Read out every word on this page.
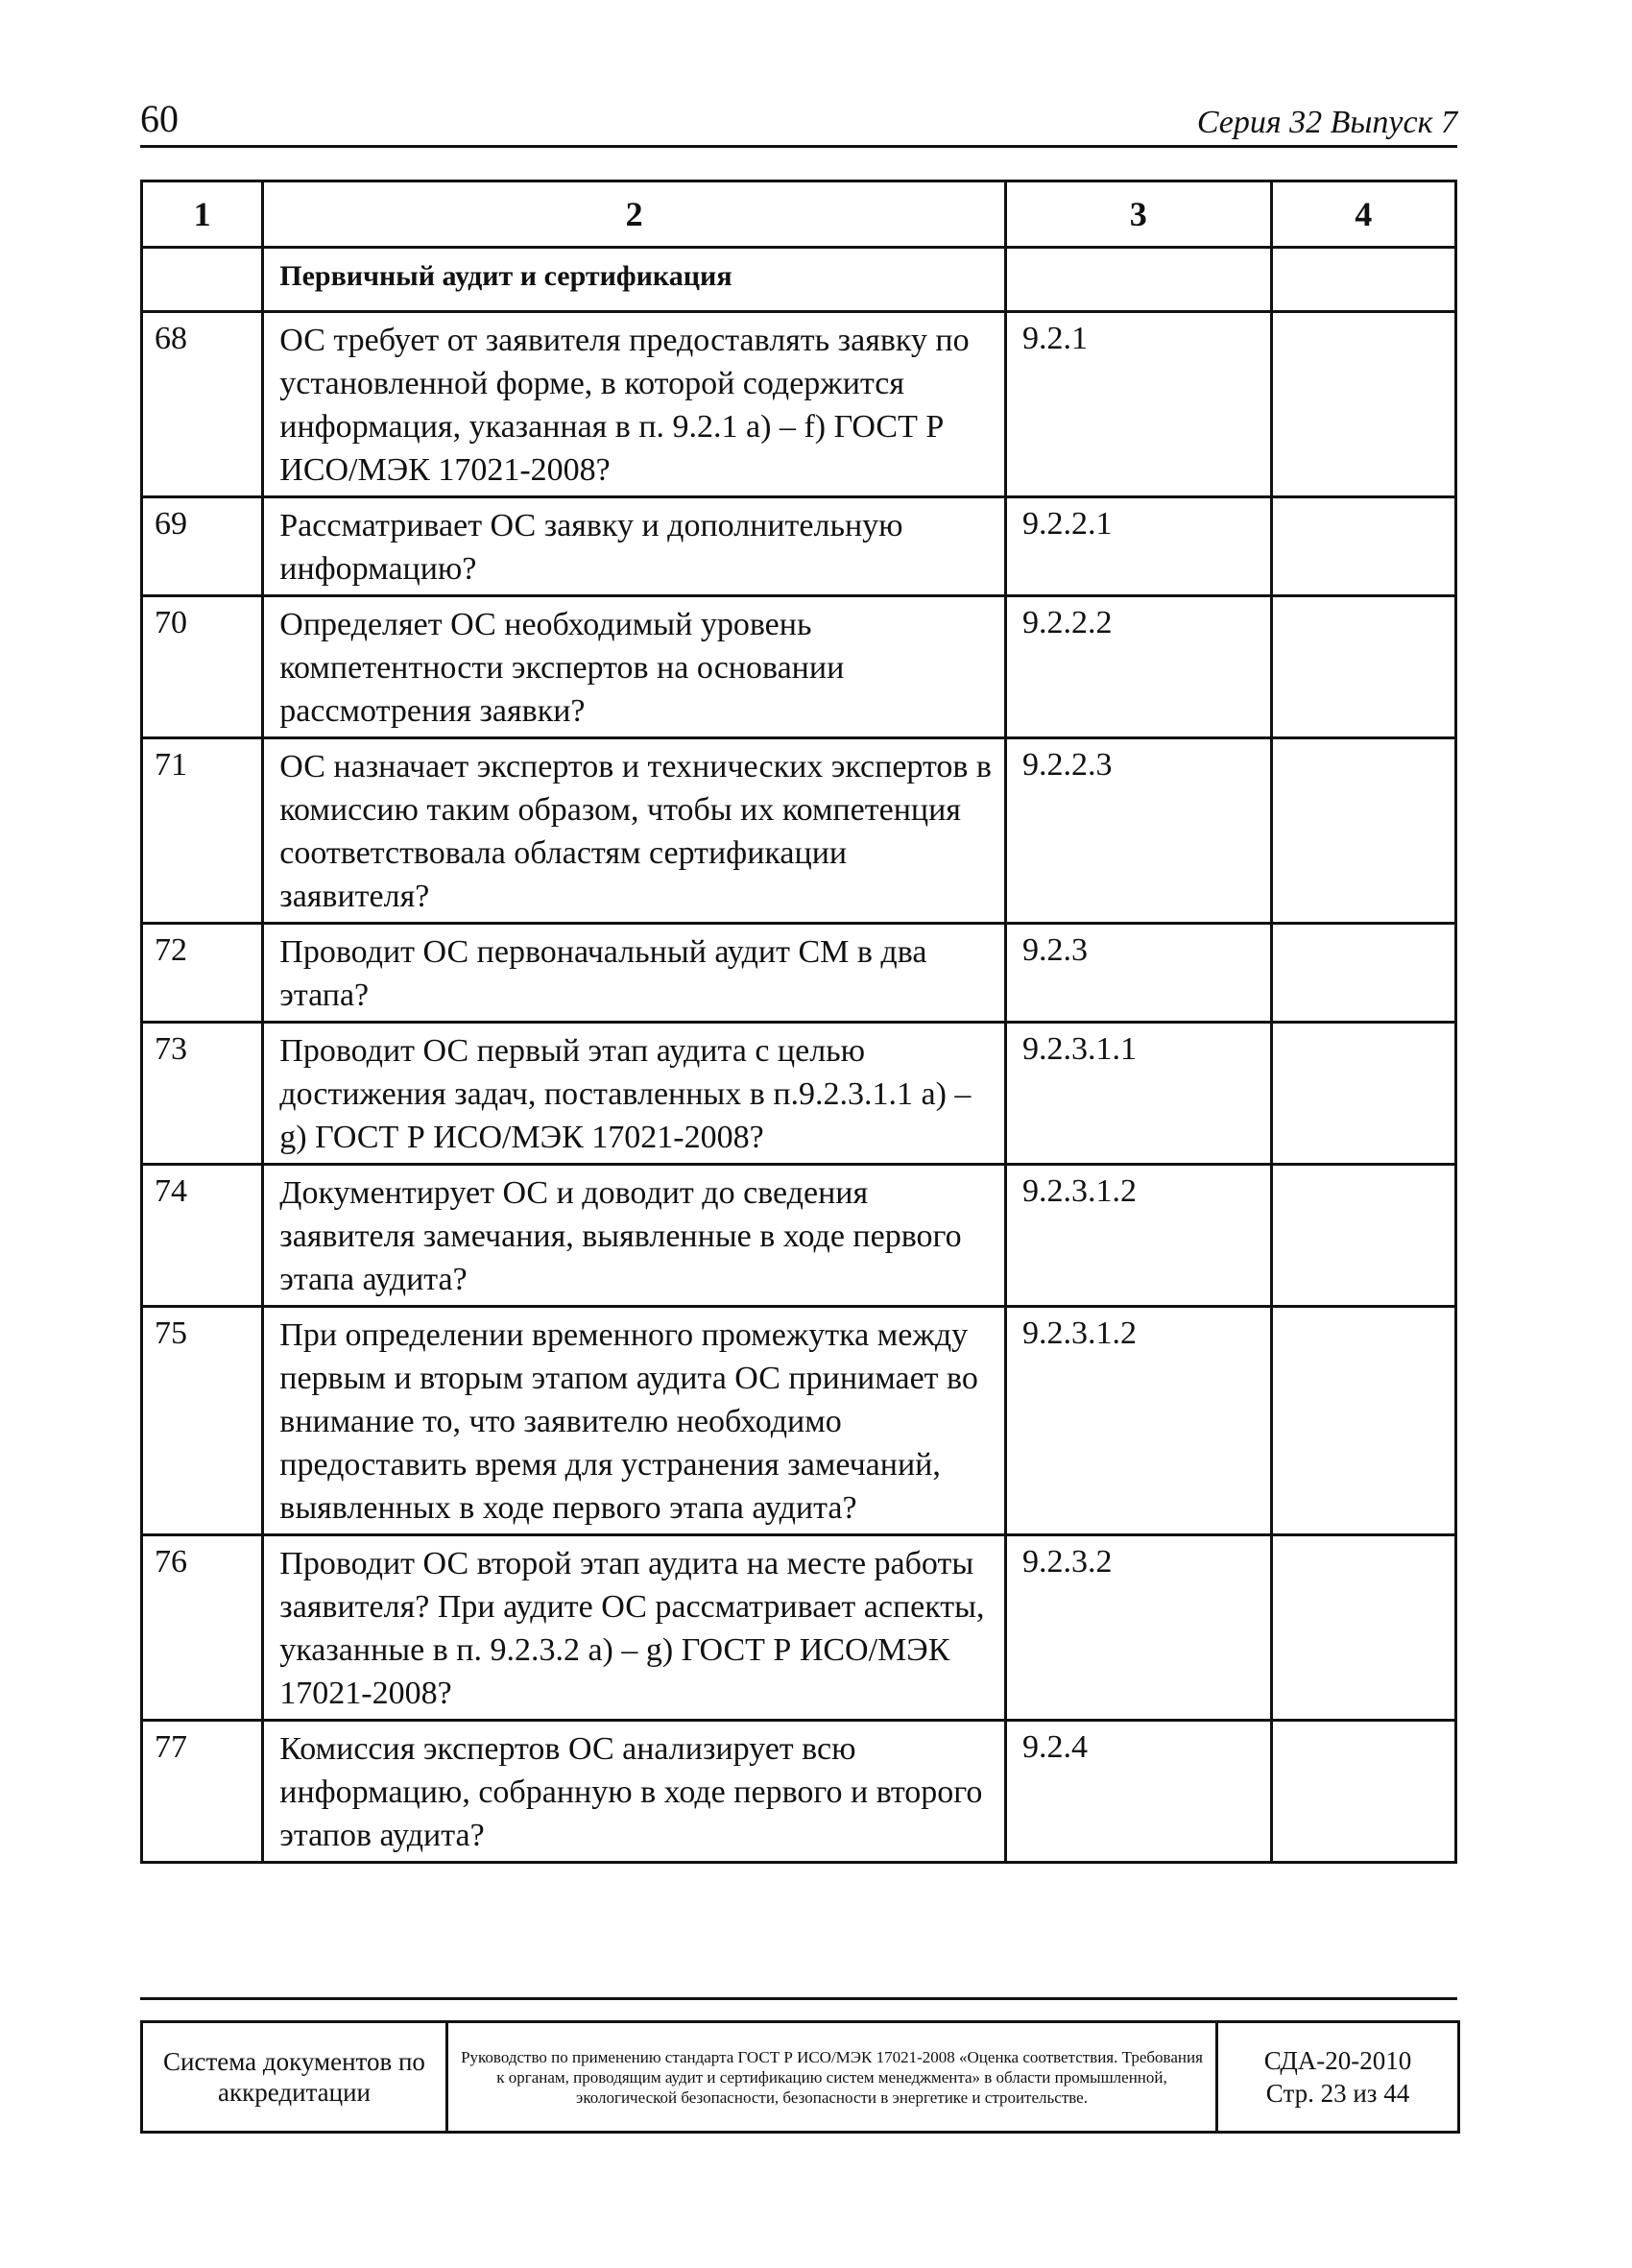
60	Серия 32 Выпуск 7
1	2	3	4
	Первичный аудит и сертификация		
68	ОС требует от заявителя предоставлять заявку по установленной форме, в которой содержится информация, указанная в п. 9.2.1 а) – f) ГОСТ Р ИСО/МЭК 17021-2008?	9.2.1	
69	Рассматривает ОС заявку и дополнительную информацию?	9.2.2.1	
70	Определяет ОС необходимый уровень компетентности экспертов на основании рассмотрения заявки?	9.2.2.2	
71	ОС назначает экспертов и технических экспертов в комиссию таким образом, чтобы их компетенция соответствовала областям сертификации заявителя?	9.2.2.3	
72	Проводит ОС первоначальный аудит СМ в два этапа?	9.2.3	
73	Проводит ОС первый этап аудита с целью достижения задач, поставленных в п.9.2.3.1.1 а) – g) ГОСТ Р ИСО/МЭК 17021-2008?	9.2.3.1.1	
74	Документирует ОС и доводит до сведения заявителя замечания, выявленные в ходе первого этапа аудита?	9.2.3.1.2	
75	При определении временного промежутка между первым и вторым этапом аудита ОС принимает во внимание то, что заявителю необходимо предоставить время для устранения замечаний, выявленных в ходе первого этапа аудита?	9.2.3.1.2	
76	Проводит ОС второй этап аудита на месте работы заявителя? При аудите ОС рассматривает аспекты, указанные в п. 9.2.3.2 а) – g) ГОСТ Р ИСО/МЭК 17021-2008?	9.2.3.2	
77	Комиссия экспертов ОС анализирует всю информацию, собранную в ходе первого и второго этапов аудита?	9.2.4	
Система документов по аккредитации	Руководство по применению стандарта ГОСТ Р ИСО/МЭК 17021-2008 «Оценка соответствия. Требования к органам, проводящим аудит и сертификацию систем менеджмента» в области промышленной, экологической безопасности, безопасности в энергетике и строительстве.	
СДА-20-2010
Стр. 23 из 44
